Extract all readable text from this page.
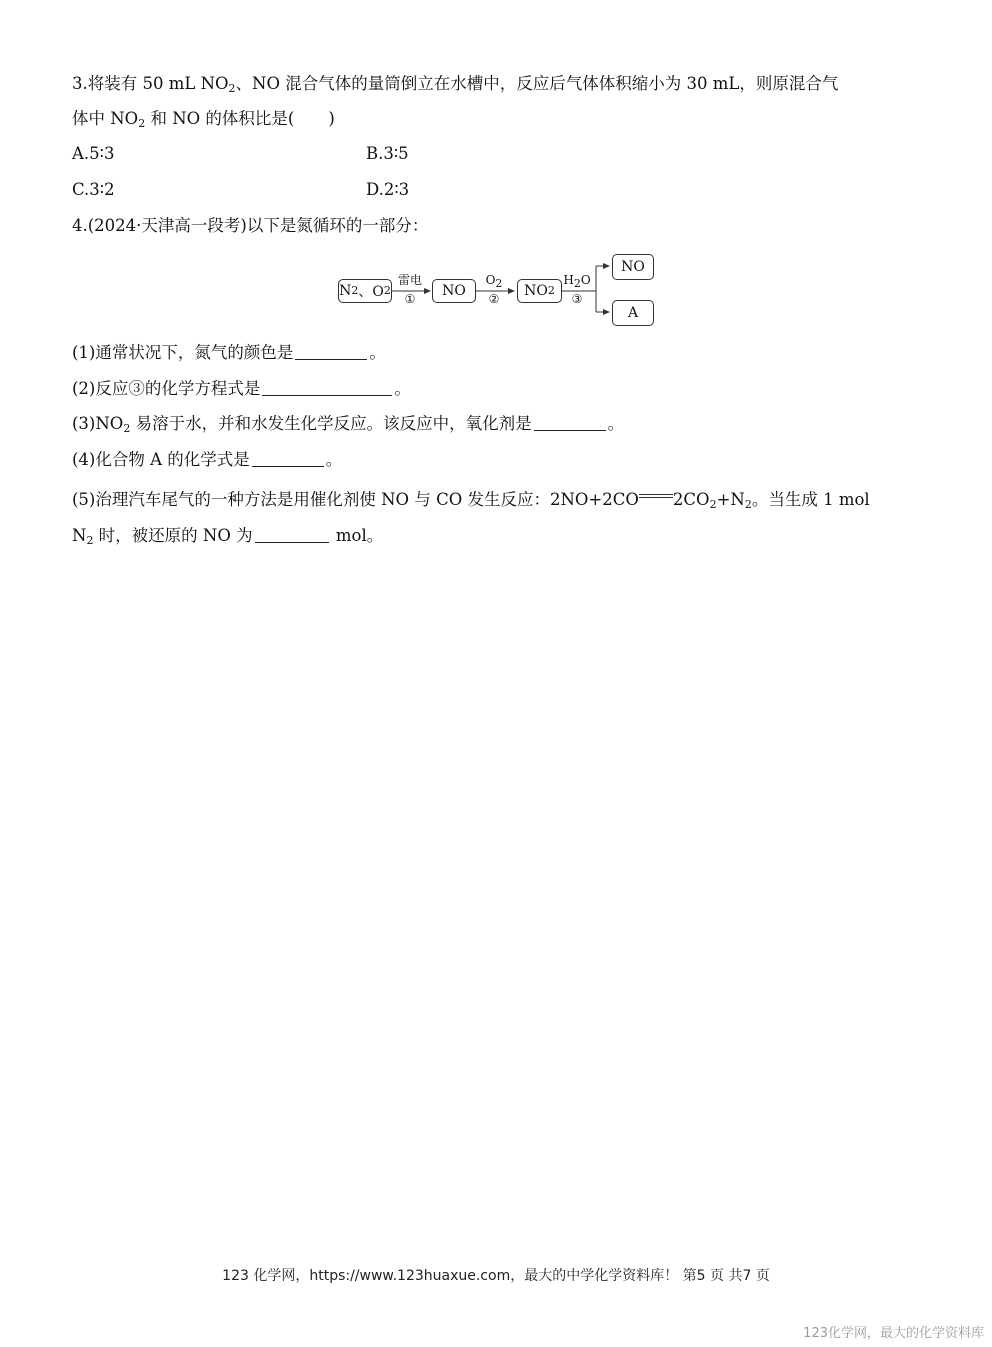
3.将装有 50 mL $NO_2$、NO 混合气体的量筒倒立在水槽中，反应后气体体积缩小为 30 mL，则原混合气
体中 $NO_2$ 和 NO 的体积比是( )
A.5∶3	B.3∶5
C.3∶2	D.2∶3
4.(2024·天津高一段考)以下是氮循环的一部分：
N 2 、O 2
雷电
①	NO
$O_2$
②	NO 2
$H_2O$
③
NO
A
(1)通常状况下，氮气的颜色是	。
(2)反应③的化学方程式是	。
$(3)NO_2$ 易溶于水，并和水发生化学反应。该反应中，氧化剂是	。
(4)化合物 A 的化学式是	。
(5)治理汽车尾气的一种方法是用催化剂使 NO 与 CO 发生反应：2NO+2CO $2CO_2+N_2$。当生成 1 mol
$N_2$ 时，被还原的 NO 为	mol。
123 化学网，https://www.123huaxue.com，最大的中学化学资料库！ 第5 页 共7 页
123化学网，最大的化学资料库
